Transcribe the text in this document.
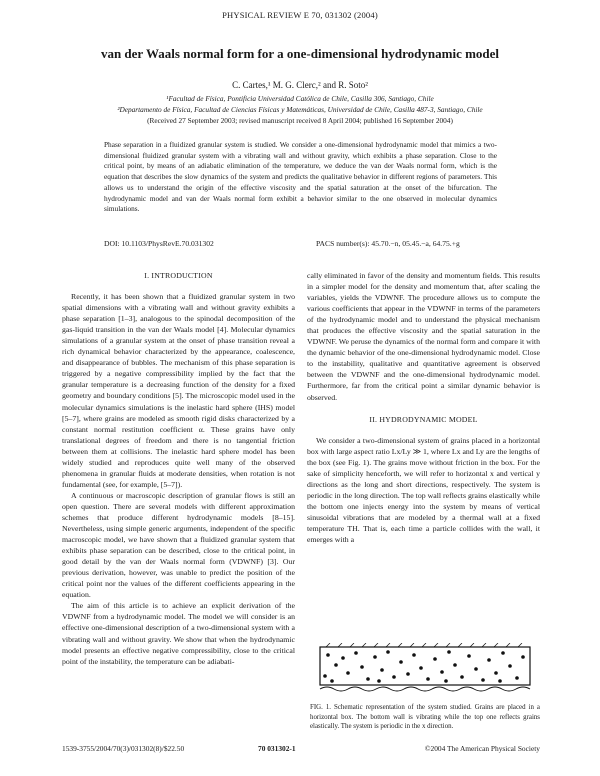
PHYSICAL REVIEW E 70, 031302 (2004)
van der Waals normal form for a one-dimensional hydrodynamic model
C. Cartes,¹ M. G. Clerc,² and R. Soto²
¹Facultad de Física, Pontificia Universidad Católica de Chile, Casilla 306, Santiago, Chile
²Departamento de Física, Facultad de Ciencias Físicas y Matemáticas, Universidad de Chile, Casilla 487-3, Santiago, Chile
(Received 27 September 2003; revised manuscript received 8 April 2004; published 16 September 2004)

Phase separation in a fluidized granular system is studied. We consider a one-dimensional hydrodynamic model that mimics a two-dimensional fluidized granular system with a vibrating wall and without gravity, which exhibits a phase separation. Close to the critical point, by means of an adiabatic elimination of the temperature, we deduce the van der Waals normal form, which is the equation that describes the slow dynamics of the system and predicts the qualitative behavior in different regions of parameters. This allows us to understand the origin of the effective viscosity and the spatial saturation at the onset of the bifurcation. The hydrodynamic model and van der Waals normal form exhibit a behavior similar to the one observed in molecular dynamics simulations.

DOI: 10.1103/PhysRevE.70.031302	PACS number(s): 45.70.−n, 05.45.−a, 64.75.+g
I. INTRODUCTION

Recently, it has been shown that a fluidized granular system in two spatial dimensions with a vibrating wall and without gravity exhibits a phase separation [1–3], analogous to the spinodal decomposition of the gas-liquid transition in the van der Waals model [4]. Molecular dynamics simulations of a granular system at the onset of phase transition reveal a rich dynamical behavior characterized by the appearance, coalescence, and disappearance of bubbles. The mechanism of this phase separation is triggered by a negative compressibility implied by the fact that the granular temperature is a decreasing function of the density for a fixed geometry and boundary conditions [5]. The microscopic model used in the molecular dynamics simulations is the inelastic hard sphere (IHS) model [5–7], where grains are modeled as smooth rigid disks characterized by a constant normal restitution coefficient α. These grains have only translational degrees of freedom and there is no tangential friction between them at collisions. The inelastic hard sphere model has been widely studied and reproduces quite well many of the observed phenomena in granular fluids at moderate densities, when rotation is not fundamental (see, for example, [5–7]).

A continuous or macroscopic description of granular flows is still an open question. There are several models with different approximation schemes that produce different hydrodynamic models [8–15]. Nevertheless, using simple generic arguments, independent of the specific macroscopic model, we have shown that a fluidized granular system that exhibits phase separation can be described, close to the critical point, in good detail by the van der Waals normal form (VDWNF) [3]. Our previous derivation, however, was unable to predict the position of the critical point nor the values of the different coefficients appearing in the equation.

The aim of this article is to achieve an explicit derivation of the VDWNF from a hydrodynamic model. The model we will consider is an effective one-dimensional description of a two-dimensional system with a vibrating wall and without gravity. We show that when the hydrodynamic model presents an effective negative compressibility, close to the critical point of the instability, the temperature can be adiabati-

cally eliminated in favor of the density and momentum fields. This results in a simpler model for the density and momentum that, after scaling the variables, yields the VDWNF. The procedure allows us to compute the various coefficients that appear in the VDWNF in terms of the parameters of the hydrodynamic model and to understand the physical mechanism that produces the effective viscosity and the spatial saturation in the VDWNF. We peruse the dynamics of the normal form and compare it with the dynamic behavior of the one-dimensional hydrodynamic model. Close to the instability, qualitative and quantitative agreement is observed between the VDWNF and the one-dimensional hydrodynamic model. Furthermore, far from the critical point a similar dynamic behavior is observed.

II. HYDRODYNAMIC MODEL

We consider a two-dimensional system of grains placed in a horizontal box with large aspect ratio Lx/Ly ≫ 1, where Lx and Ly are the lengths of the box (see Fig. 1). The grains move without friction in the box. For the sake of simplicity henceforth, we will refer to horizontal x and vertical y directions as the long and short directions, respectively. The system is periodic in the long direction. The top wall reflects grains elastically while the bottom one injects energy into the system by means of vertical sinusoidal vibrations that are modeled by a thermal wall at a fixed temperature TH. That is, each time a particle collides with the wall, it emerges with a

FIG. 1. Schematic representation of the system studied. Grains are placed in a horizontal box. The bottom wall is vibrating while the top one reflects grains elastically. The system is periodic in the x direction.

1539-3755/2004/70(3)/031302(8)/$22.50	70 031302-1	©2004 The American Physical Society
